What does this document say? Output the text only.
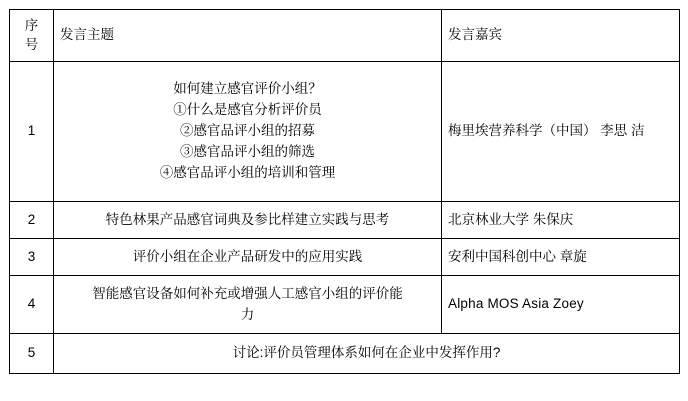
序
号	发言主题	发言嘉宾
1	如何建立感官评价小组？
①什么是感官分析评价员
②感官品评小组的招募
③感官品评小组的筛选
④感官品评小组的培训和管理	梅里埃营养科学（中国） 李思 洁
2	特色林果产品感官词典及参比样建立实践与思考	北京林业大学 朱保庆
3	评价小组在企业产品研发中的应用实践	安利中国科创中心 章旋
4	智能感官设备如何补充或增强人工感官小组的评价能
力	Alpha MOS Asia Zoey
5	讨论:评价员管理体系如何在企业中发挥作用?	
